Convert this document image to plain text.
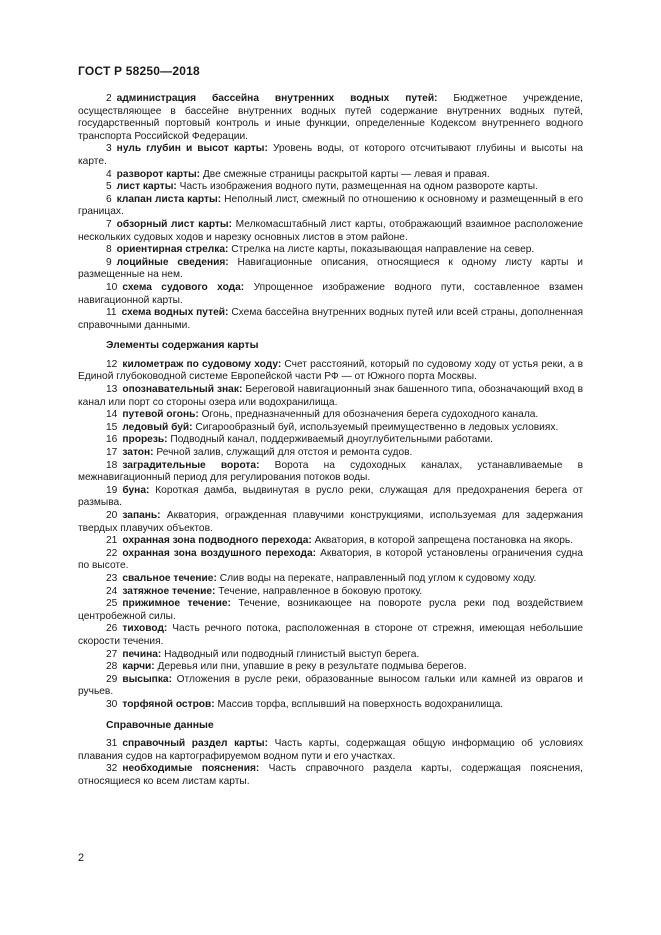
ГОСТ Р 58250—2018

2 администрация бассейна внутренних водных путей: Бюджетное учреждение, осуществляющее в бассейне внутренних водных путей содержание внутренних водных путей, государственный портовый контроль и иные функции, определенные Кодексом внутреннего водного транспорта Российской Федерации.

3 нуль глубин и высот карты: Уровень воды, от которого отсчитывают глубины и высоты на карте.

4 разворот карты: Две смежные страницы раскрытой карты — левая и правая.

5 лист карты: Часть изображения водного пути, размещенная на одном развороте карты.

6 клапан листа карты: Неполный лист, смежный по отношению к основному и размещенный в его границах.

7 обзорный лист карты: Мелкомасштабный лист карты, отображающий взаимное расположение нескольких судовых ходов и нарезку основных листов в этом районе.

8 ориентирная стрелка: Стрелка на листе карты, показывающая направление на север.

9 лоцийные сведения: Навигационные описания, относящиеся к одному листу карты и размещенные на нем.

10 схема судового хода: Упрощенное изображение водного пути, составленное взамен навигационной карты.

11 схема водных путей: Схема бассейна внутренних водных путей или всей страны, дополненная справочными данными.

Элементы содержания карты

12 километраж по судовому ходу: Счет расстояний, который по судовому ходу от устья реки, а в Единой глубоководной системе Европейской части РФ — от Южного порта Москвы.

13 опознавательный знак: Береговой навигационный знак башенного типа, обозначающий вход в канал или порт со стороны озера или водохранилища.

14 путевой огонь: Огонь, предназначенный для обозначения берега судоходного канала.

15 ледовый буй: Сигарообразный буй, используемый преимущественно в ледовых условиях.

16 прорезь: Подводный канал, поддерживаемый дноуглубительными работами.

17 затон: Речной залив, служащий для отстоя и ремонта судов.

18 заградительные ворота: Ворота на судоходных каналах, устанавливаемые в межнавигационный период для регулирования потоков воды.

19 буна: Короткая дамба, выдвинутая в русло реки, служащая для предохранения берега от размыва.

20 запань: Акватория, огражденная плавучими конструкциями, используемая для задержания твердых плавучих объектов.

21 охранная зона подводного перехода: Акватория, в которой запрещена постановка на якорь.

22 охранная зона воздушного перехода: Акватория, в которой установлены ограничения судна по высоте.

23 свальное течение: Слив воды на перекате, направленный под углом к судовому ходу.

24 затяжное течение: Течение, направленное в боковую протоку.

25 прижимное течение: Течение, возникающее на повороте русла реки под воздействием центробежной силы.

26 тиховод: Часть речного потока, расположенная в стороне от стрежня, имеющая небольшие скорости течения.

27 печина: Надводный или подводный глинистый выступ берега.

28 карчи: Деревья или пни, упавшие в реку в результате подмыва берегов.

29 высыпка: Отложения в русле реки, образованные выносом гальки или камней из оврагов и ручьев.

30 торфяной остров: Массив торфа, всплывший на поверхность водохранилища.

Справочные данные

31 справочный раздел карты: Часть карты, содержащая общую информацию об условиях плавания судов на картографируемом водном пути и его участках.

32 необходимые пояснения: Часть справочного раздела карты, содержащая пояснения, относящиеся ко всем листам карты.

2
